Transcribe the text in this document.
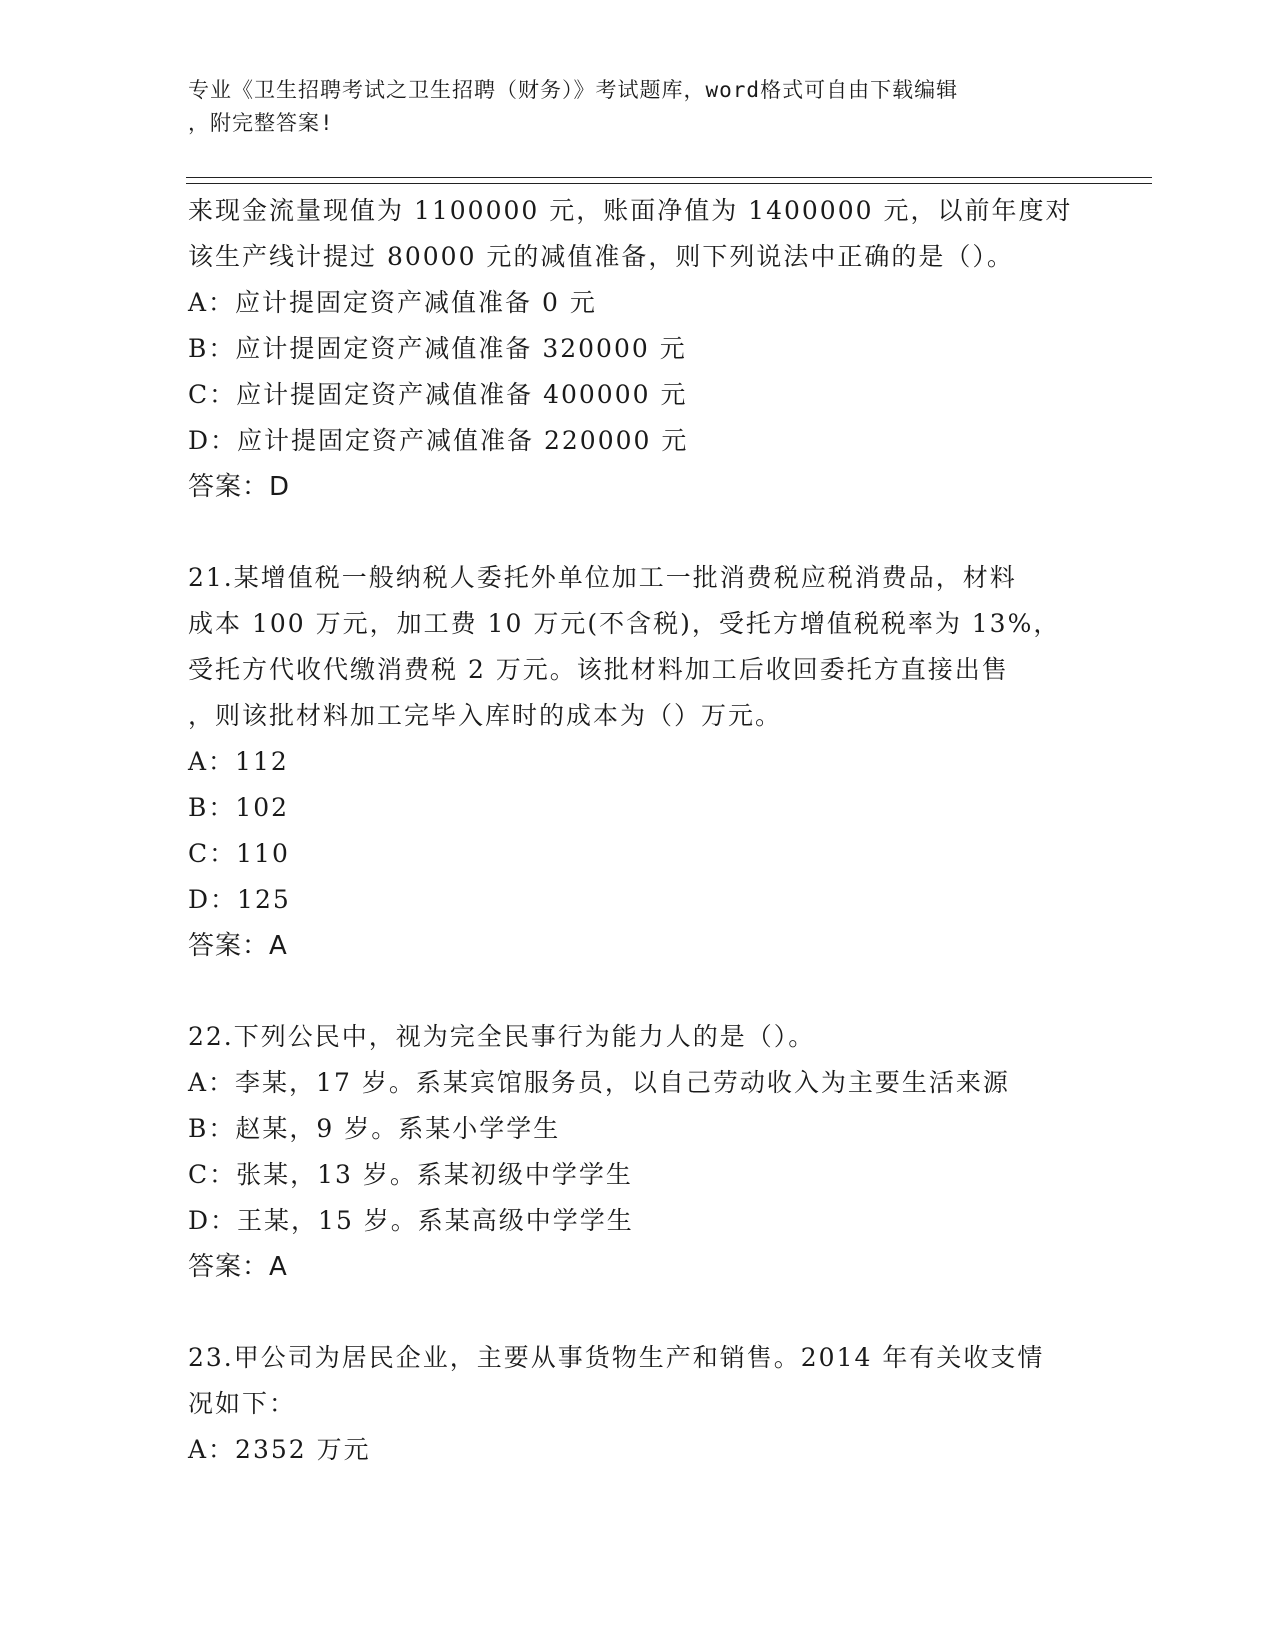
专业《卫生招聘考试之卫生招聘（财务）》考试题库，word格式可自由下载编辑
，附完整答案!
来现金流量现值为 1100000 元，账面净值为 1400000 元，以前年度对
该生产线计提过 80000 元的减值准备，则下列说法中正确的是（）。
A：应计提固定资产减值准备 0 元
B：应计提固定资产减值准备 320000 元
C：应计提固定资产减值准备 400000 元
D：应计提固定资产减值准备 220000 元
答案：D
21.某增值税一般纳税人委托外单位加工一批消费税应税消费品，材料
成本 100 万元，加工费 10 万元(不含税)，受托方增值税税率为 13%，
受托方代收代缴消费税 2 万元。该批材料加工后收回委托方直接出售
，则该批材料加工完毕入库时的成本为（）万元。
A：112
B：102
C：110
D：125
答案：A
22.下列公民中，视为完全民事行为能力人的是（）。
A：李某，17 岁。系某宾馆服务员，以自己劳动收入为主要生活来源
B：赵某，9 岁。系某小学学生
C：张某，13 岁。系某初级中学学生
D：王某，15 岁。系某高级中学学生
答案：A
23.甲公司为居民企业，主要从事货物生产和销售。2014 年有关收支情
况如下：
A：2352 万元
